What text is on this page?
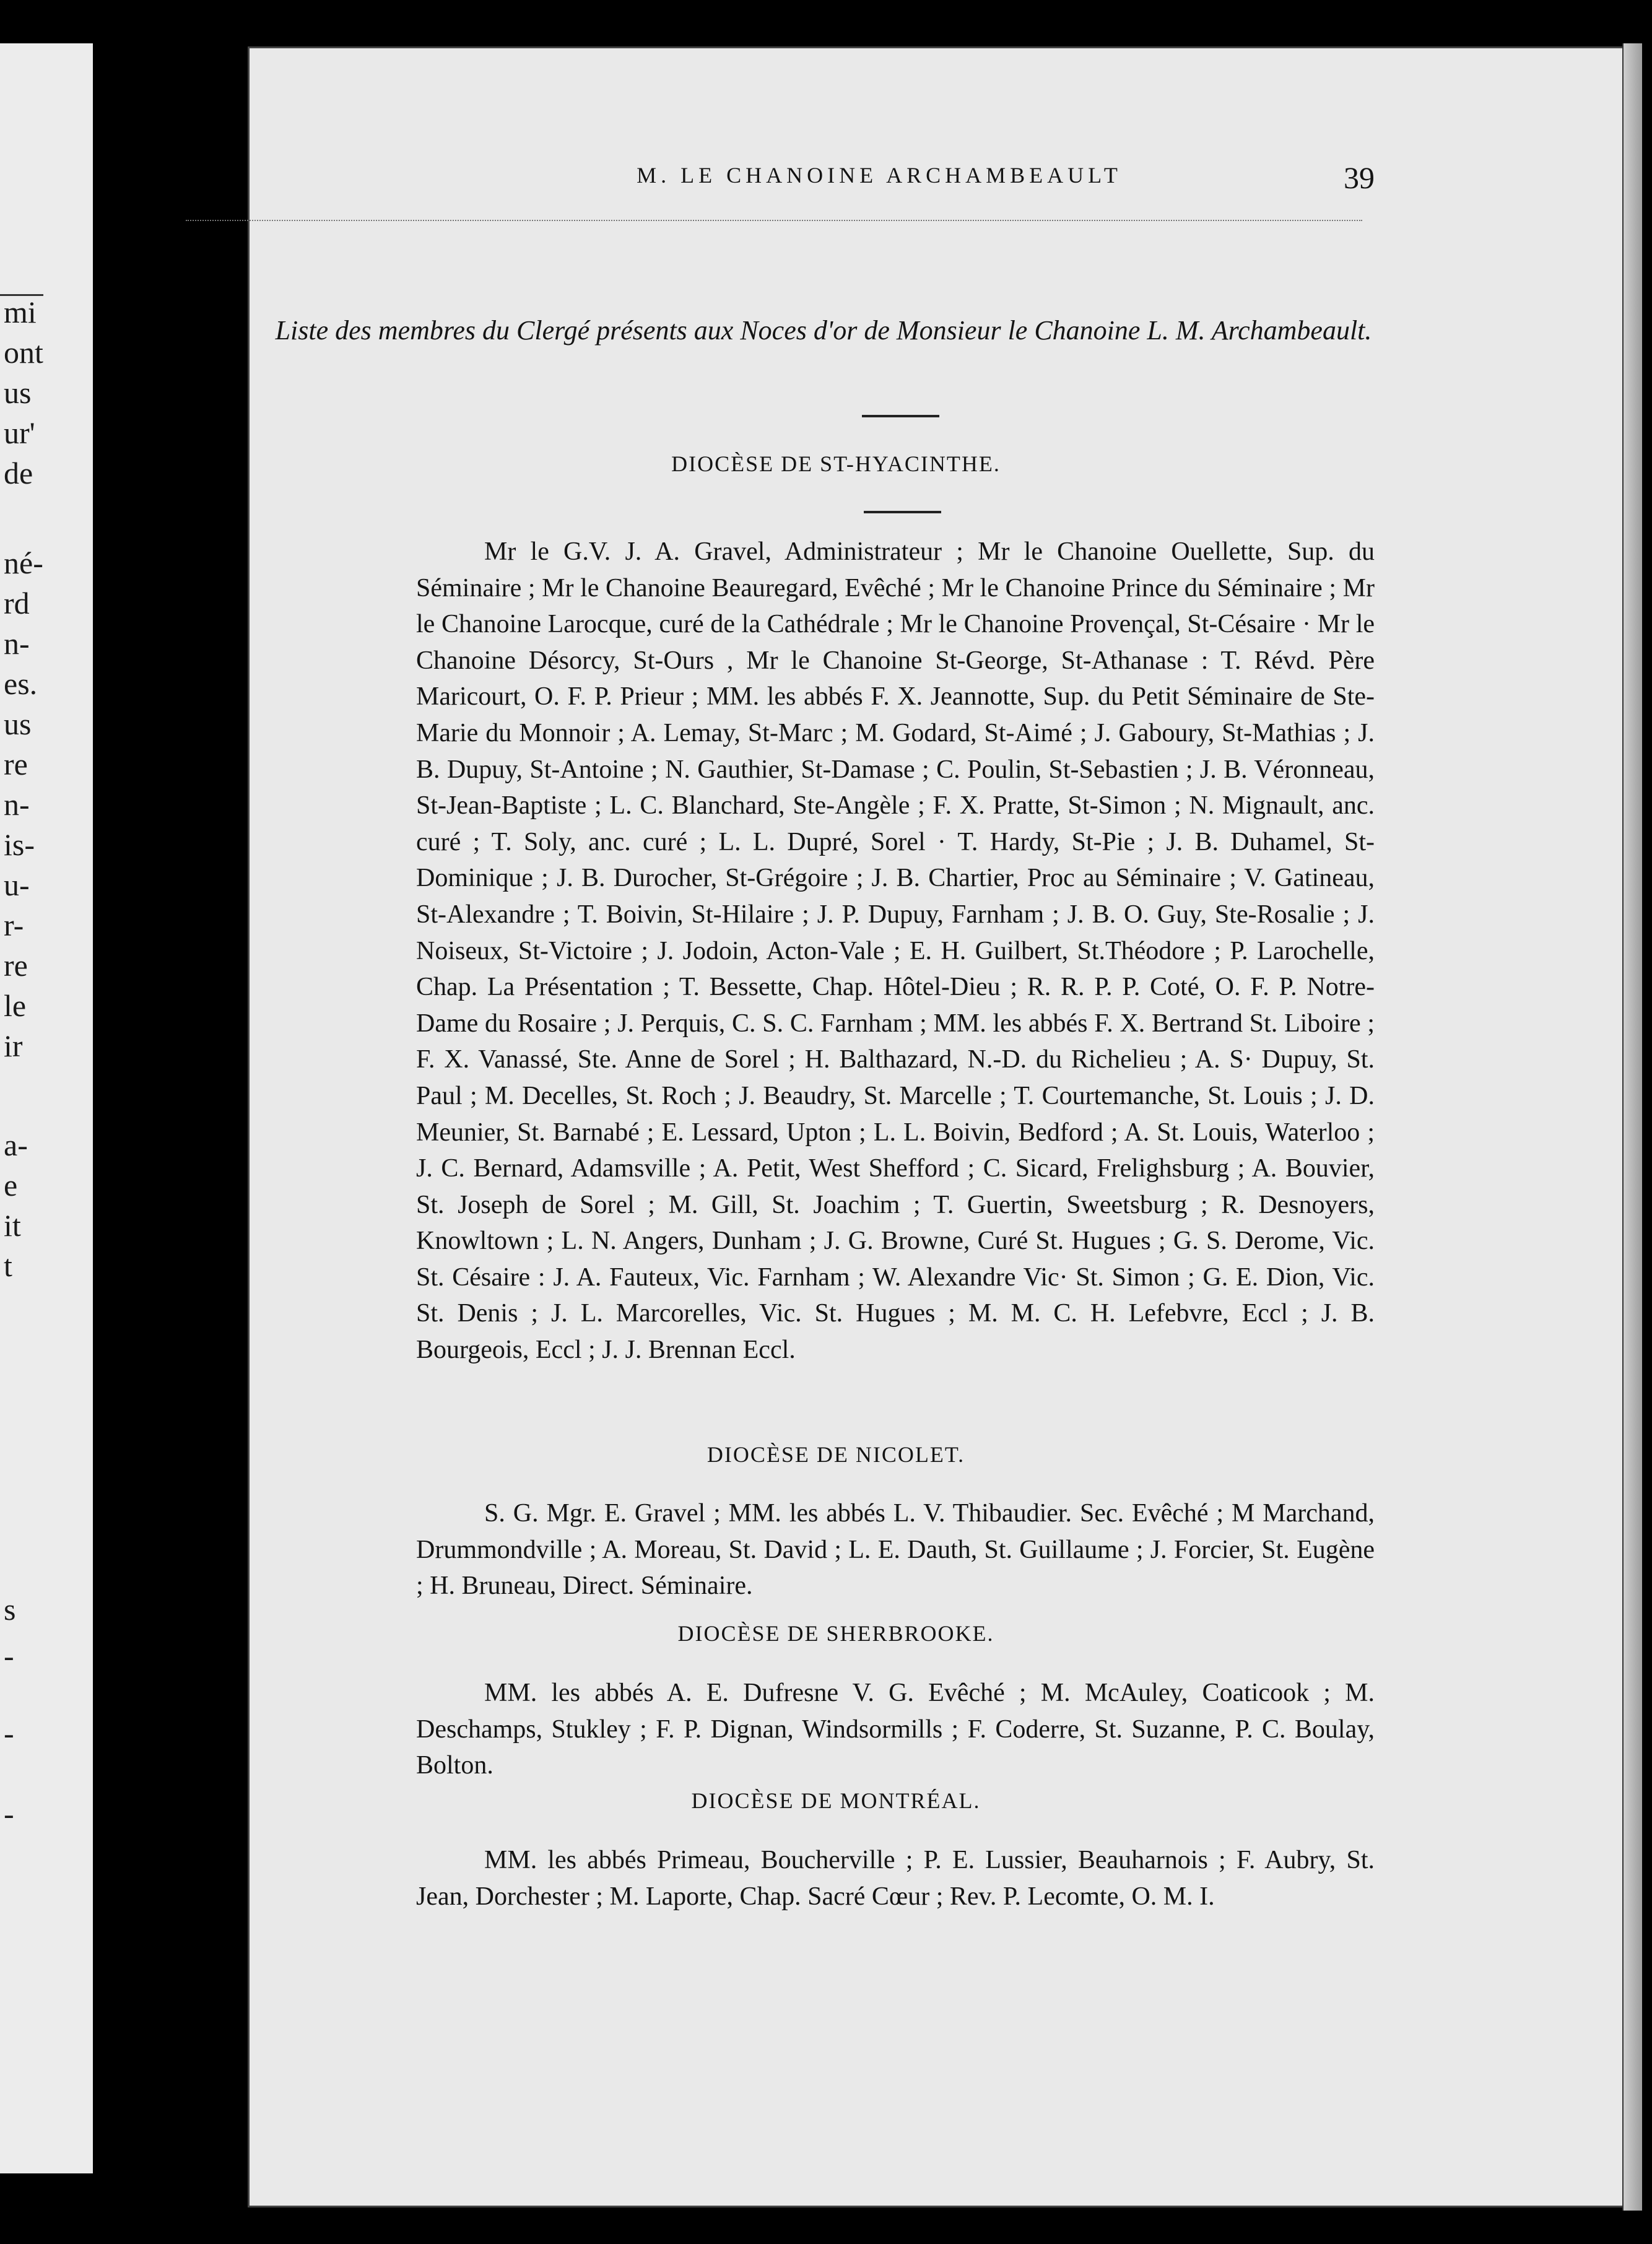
mi
ont
us
ur'
de
né-
rd
n-
es.
us
re
n-
is-
u-
r-
re
le
ir
a-
e
it
t
s
-
-
-
M. LE CHANOINE ARCHAMBEAULT	39
Liste des membres du Clergé présents aux Noces d'or de Monsieur le Chanoine L. M. Archambeault.
DIOCÈSE DE ST-HYACINTHE.
Mr le G.V. J. A. Gravel, Administrateur ; Mr le Chanoine Ouellette, Sup. du Séminaire ; Mr le Chanoine Beauregard, Evêché ; Mr le Chanoine Prince du Séminaire ; Mr le Chanoine Larocque, curé de la Cathédrale ; Mr le Chanoine Provençal, St-Césaire · Mr le Chanoine Désorcy, St-Ours , Mr le Chanoine St-George, St-Athanase : T. Révd. Père Maricourt, O. F. P. Prieur ; MM. les abbés F. X. Jeannotte, Sup. du Petit Séminaire de Ste-Marie du Monnoir ; A. Lemay, St-Marc ; M. Godard, St-Aimé ; J. Gaboury, St-Mathias ; J. B. Dupuy, St-Antoine ; N. Gauthier, St-Damase ; C. Poulin, St-Sebastien ; J. B. Véronneau, St-Jean-Baptiste ; L. C. Blanchard, Ste-Angèle ; F. X. Pratte, St-Simon ; N. Mignault, anc. curé ; T. Soly, anc. curé ; L. L. Dupré, Sorel · T. Hardy, St-Pie ; J. B. Duhamel, St-Dominique ; J. B. Durocher, St-Grégoire ; J. B. Chartier, Proc au Séminaire ; V. Gatineau, St-Alexandre ; T. Boivin, St-Hilaire ; J. P. Dupuy, Farnham ; J. B. O. Guy, Ste-Rosalie ; J. Noiseux, St-Victoire ; J. Jodoin, Acton-Vale ; E. H. Guilbert, St.Théodore ; P. Larochelle, Chap. La Présentation ; T. Bessette, Chap. Hôtel-Dieu ; R. R. P. P. Coté, O. F. P. Notre-Dame du Rosaire ; J. Perquis, C. S. C. Farnham ; MM. les abbés F. X. Bertrand St. Liboire ; F. X. Vanassé, Ste. Anne de Sorel ; H. Balthazard, N.-D. du Richelieu ; A. S· Dupuy, St. Paul ; M. Decelles, St. Roch ; J. Beaudry, St. Marcelle ; T. Courtemanche, St. Louis ; J. D. Meunier, St. Barnabé ; E. Lessard, Upton ; L. L. Boivin, Bedford ; A. St. Louis, Waterloo ; J. C. Bernard, Adamsville ; A. Petit, West Shefford ; C. Sicard, Frelighsburg ; A. Bouvier, St. Joseph de Sorel ; M. Gill, St. Joachim ; T. Guertin, Sweetsburg ; R. Desnoyers, Knowltown ; L. N. Angers, Dunham ; J. G. Browne, Curé St. Hugues ; G. S. Derome, Vic. St. Césaire : J. A. Fauteux, Vic. Farnham ; W. Alexandre Vic· St. Simon ; G. E. Dion, Vic. St. Denis ; J. L. Marcorelles, Vic. St. Hugues ; M. M. C. H. Lefebvre, Eccl ; J. B. Bourgeois, Eccl ; J. J. Brennan Eccl.
DIOCÈSE DE NICOLET.
S. G. Mgr. E. Gravel ; MM. les abbés L. V. Thibaudier. Sec. Evêché ; M Marchand, Drummondville ; A. Moreau, St. David ; L. E. Dauth, St. Guillaume ; J. Forcier, St. Eugène ; H. Bruneau, Direct. Séminaire.
DIOCÈSE DE SHERBROOKE.
MM. les abbés A. E. Dufresne V. G. Evêché ; M. McAuley, Coaticook ; M. Deschamps, Stukley ; F. P. Dignan, Windsormills ; F. Coderre, St. Suzanne, P. C. Boulay, Bolton.
DIOCÈSE DE MONTRÉAL.
MM. les abbés Primeau, Boucherville ; P. E. Lussier, Beauharnois ; F. Aubry, St. Jean, Dorchester ; M. Laporte, Chap. Sacré Cœur ; Rev. P. Lecomte, O. M. I.
